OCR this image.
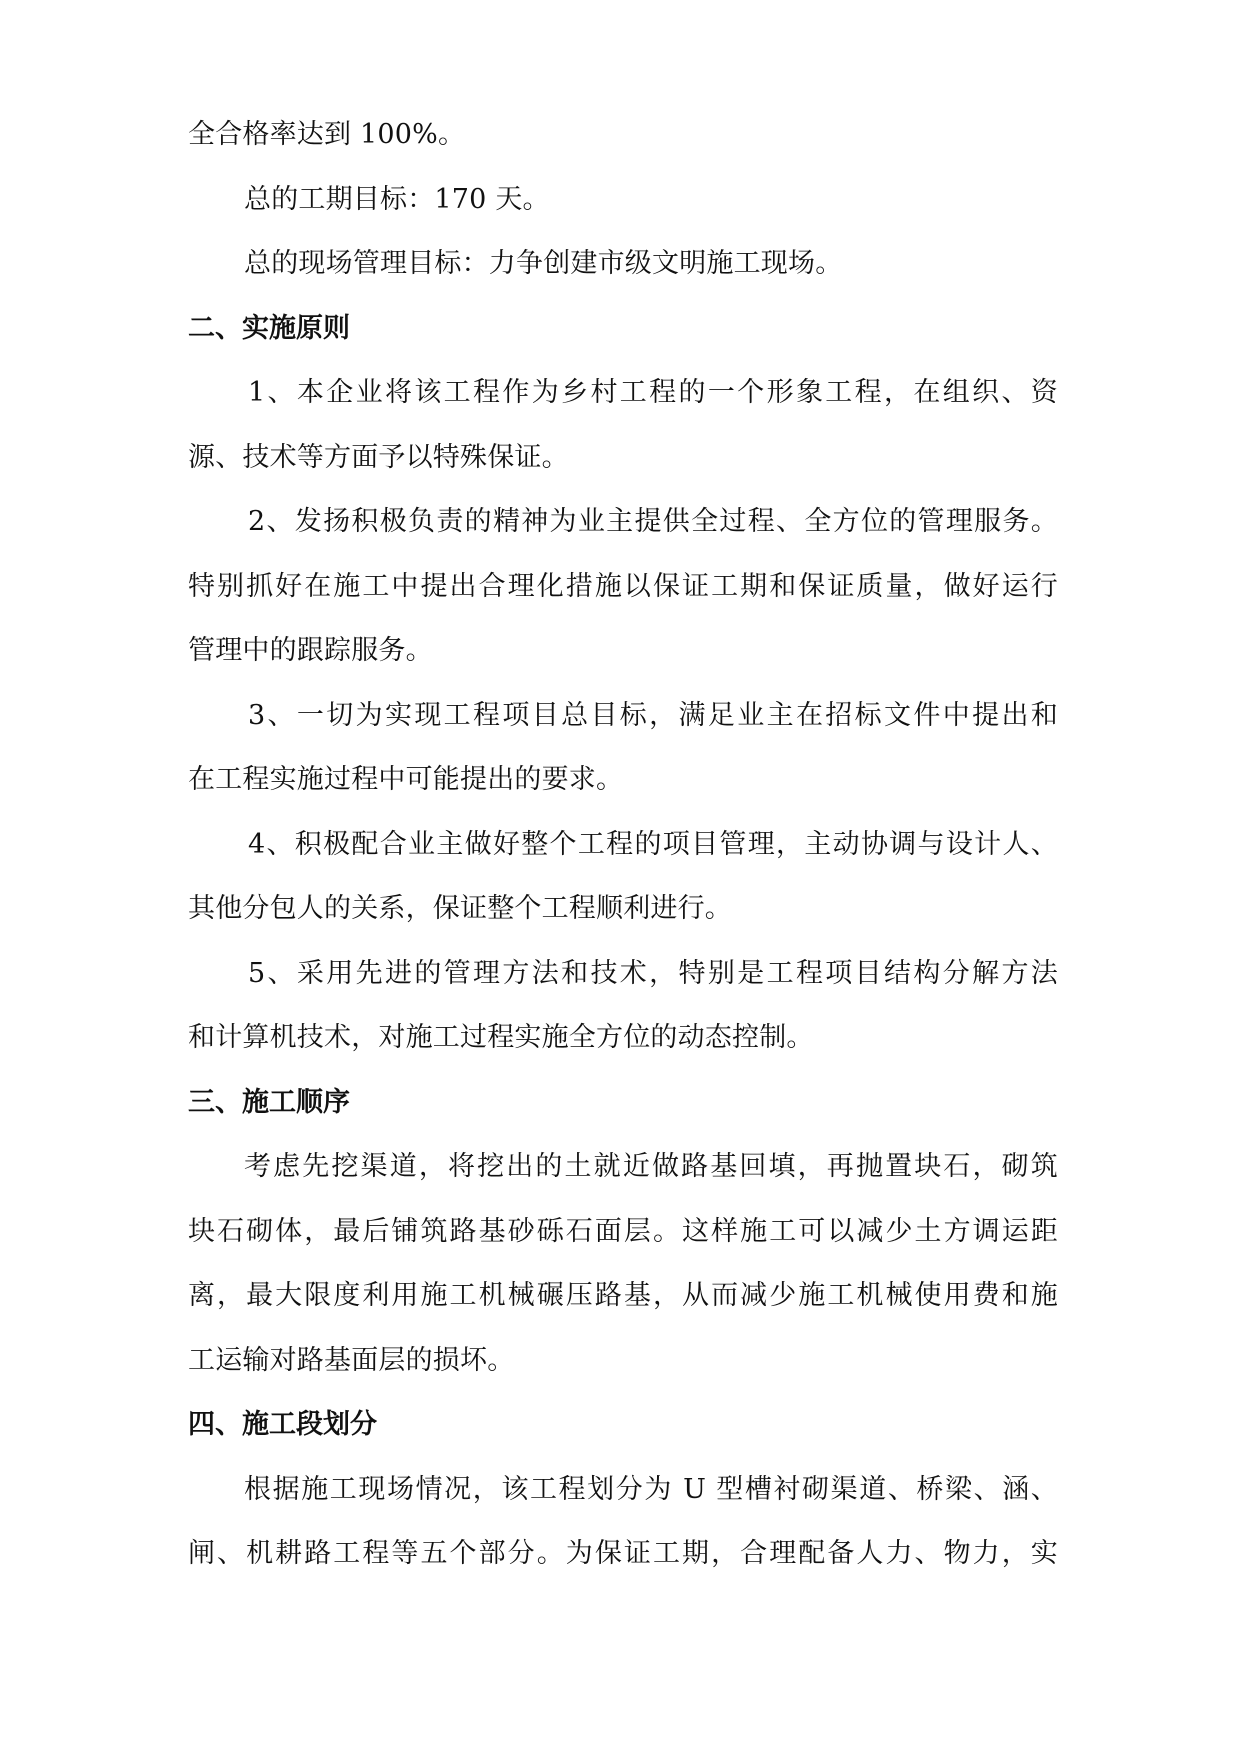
全合格率达到 100%。
总的工期目标：170 天。
总的现场管理目标：力争创建市级文明施工现场。
二、实施原则
1、本企业将该工程作为乡村工程的一个形象工程，在组织、资
源、技术等方面予以特殊保证。
2、发扬积极负责的精神为业主提供全过程、全方位的管理服务。
特别抓好在施工中提出合理化措施以保证工期和保证质量，做好运行
管理中的跟踪服务。
3、一切为实现工程项目总目标，满足业主在招标文件中提出和
在工程实施过程中可能提出的要求。
4、积极配合业主做好整个工程的项目管理，主动协调与设计人、
其他分包人的关系，保证整个工程顺利进行。
5、采用先进的管理方法和技术，特别是工程项目结构分解方法
和计算机技术，对施工过程实施全方位的动态控制。
三、施工顺序
考虑先挖渠道，将挖出的土就近做路基回填，再抛置块石，砌筑
块石砌体，最后铺筑路基砂砾石面层。这样施工可以减少土方调运距
离，最大限度利用施工机械碾压路基，从而减少施工机械使用费和施
工运输对路基面层的损坏。
四、施工段划分
根据施工现场情况，该工程划分为 U 型槽衬砌渠道、桥梁、涵、
闸、机耕路工程等五个部分。为保证工期，合理配备人力、物力，实
